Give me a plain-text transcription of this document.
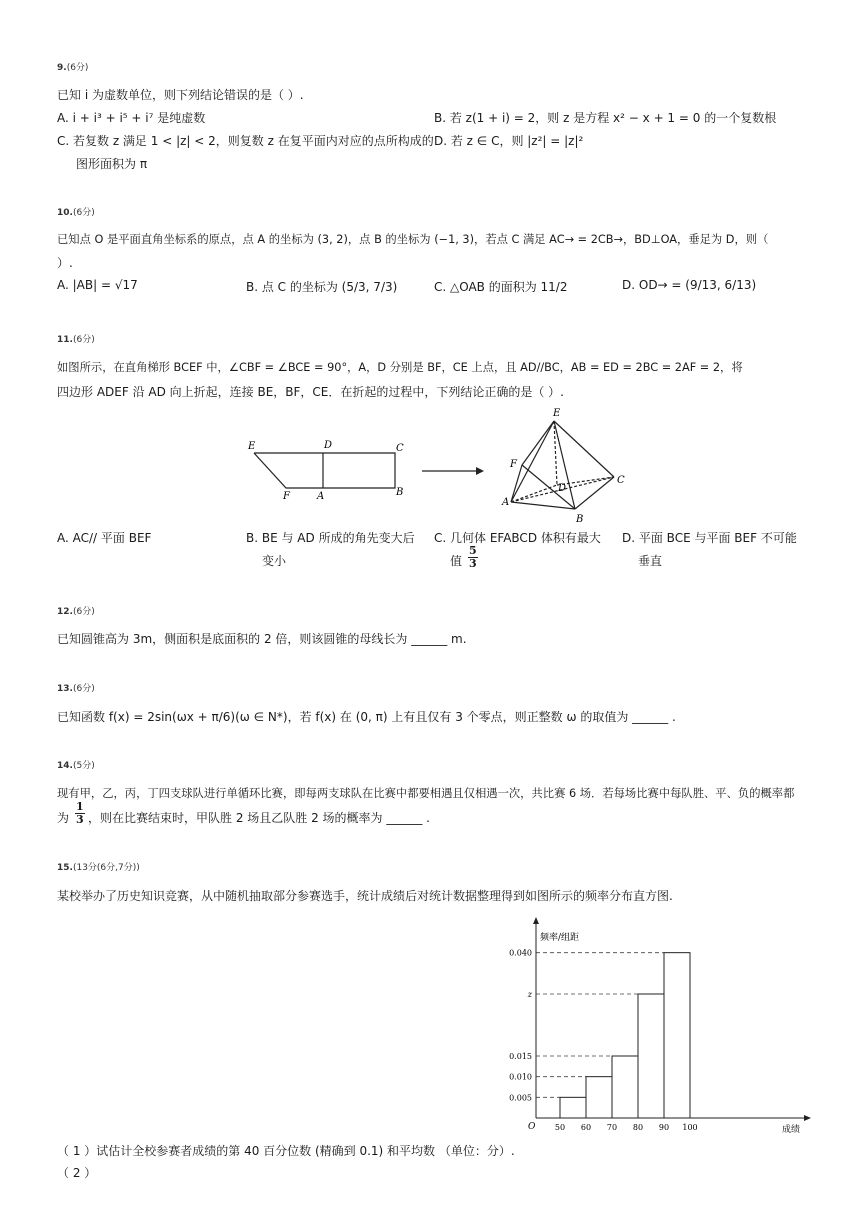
9.(6分)
已知 i 为虚数单位，则下列结论错误的是（ ）.
A. i + i³ + i⁵ + i⁷ 是纯虚数	B. 若 z(1 + i) = 2，则 z 是方程 x² − x + 1 = 0 的一个复数根
C. 若复数 z 满足 1 < |z| < 2，则复数 z 在复平面内对应的点所构成的
图形面积为 π
D. 若 z ∈ C，则 |z²| = |z|²
10.(6分)
已知点 O 是平面直角坐标系的原点，点 A 的坐标为 (3, 2)，点 B 的坐标为 (−1, 3)，若点 C 满足 AC→ = 2CB→，BD⊥OA，垂足为 D，则（
）.
A. |AB| = √17	B. 点 C 的坐标为 (5/3, 7/3)	C. △OAB 的面积为 11/2	D. OD→ = (9/13, 6/13)
11.(6分)
如图所示，在直角梯形 BCEF 中，∠CBF = ∠BCE = 90°，A，D 分别是 BF，CE 上点，且 AD//BC，AB = ED = 2BC = 2AF = 2，将
四边形 ADEF 沿 AD 向上折起，连接 BE，BF，CE．在折起的过程中，下列结论正确的是（ ）.
E	D	C
F	A	B
E
F
D
C
A
B
A. AC// 平面 BEF	B. BE 与 AD 所成的角先变大后
变小
C. 几何体 EFABCD 体积有最大
值 $\frac{5}{3}$
D. 平面 BCE 与平面 BEF 不可能
垂直
12.(6分)
已知圆锥高为 3m，侧面积是底面积的 2 倍，则该圆锥的母线长为 ______ m.
13.(6分)
已知函数 f(x) = 2sin(ωx + π/6)(ω ∈ N*)，若 f(x) 在 (0, π) 上有且仅有 3 个零点，则正整数 ω 的取值为 ______ .
14.(5分)
现有甲，乙，丙，丁四支球队进行单循环比赛，即每两支球队在比赛中都要相遇且仅相遇一次，共比赛 6 场．若每场比赛中每队胜、平、负的概率都
为 $\frac{1}{3}$ ，则在比赛结束时，甲队胜 2 场且乙队胜 2 场的概率为 ______ .
15.(13分(6分,7分))
某校举办了历史知识竞赛，从中随机抽取部分参赛选手，统计成绩后对统计数据整理得到如图所示的频率分布直方图.
频率/组距
成绩
O
0.005
0.010
0.015
z
0.040
50 60 70 80 90 100
（ 1 ）试估计全校参赛者成绩的第 40 百分位数 (精确到 0.1) 和平均数 （单位：分）.
（ 2 ）
